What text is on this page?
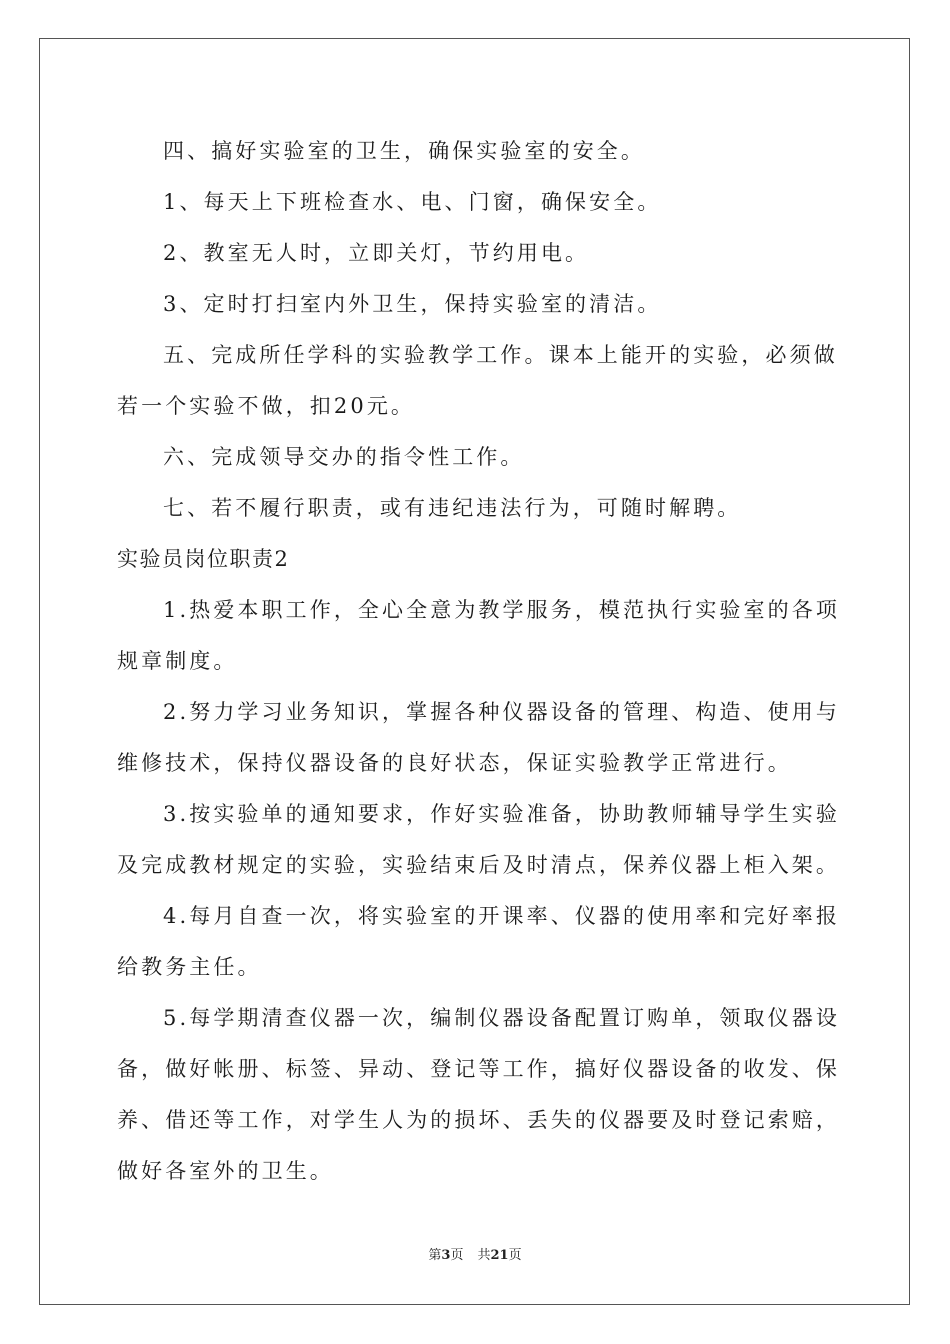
四、搞好实验室的卫生，确保实验室的安全。

1、每天上下班检查水、电、门窗，确保安全。

2、教室无人时，立即关灯，节约用电。

3、定时打扫室内外卫生，保持实验室的清洁。

五、完成所任学科的实验教学工作。课本上能开的实验，必须做

若一个实验不做，扣20元。

六、完成领导交办的指令性工作。

七、若不履行职责，或有违纪违法行为，可随时解聘。

实验员岗位职责2

1.热爱本职工作，全心全意为教学服务，模范执行实验室的各项

规章制度。

2.努力学习业务知识，掌握各种仪器设备的管理、构造、使用与

维修技术，保持仪器设备的良好状态，保证实验教学正常进行。

3.按实验单的通知要求，作好实验准备，协助教师辅导学生实验

及完成教材规定的实验，实验结束后及时清点，保养仪器上柜入架。

4.每月自查一次，将实验室的开课率、仪器的使用率和完好率报

给教务主任。

5.每学期清查仪器一次，编制仪器设备配置订购单，领取仪器设

备，做好帐册、标签、异动、登记等工作，搞好仪器设备的收发、保

养、借还等工作，对学生人为的损坏、丢失的仪器要及时登记索赔，

做好各室外的卫生。

第3页 共21页
